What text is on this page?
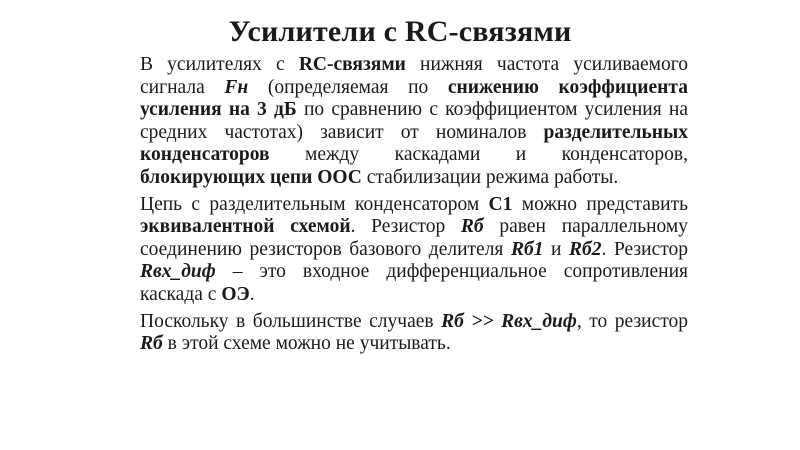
Усилители с RC-связями

В усилителях с RC-связями нижняя частота усиливаемого сигнала Fн (определяемая по снижению коэффициента усиления на 3 дБ по сравнению с коэффициентом усиления на средних частотах) зависит от номиналов разделительных конденсаторов между каскадами и конденсаторов, блокирующих цепи ООС стабилизации режима работы.

Цепь с разделительным конденсатором С1 можно представить эквивалентной схемой. Резистор Rб равен параллельному соединению резисторов базового делителя Rб1 и Rб2. Резистор Rвх_диф – это входное дифференциальное сопротивления каскада с ОЭ.

Поскольку в большинстве случаев Rб >> Rвх_диф, то резистор Rб в этой схеме можно не учитывать.
